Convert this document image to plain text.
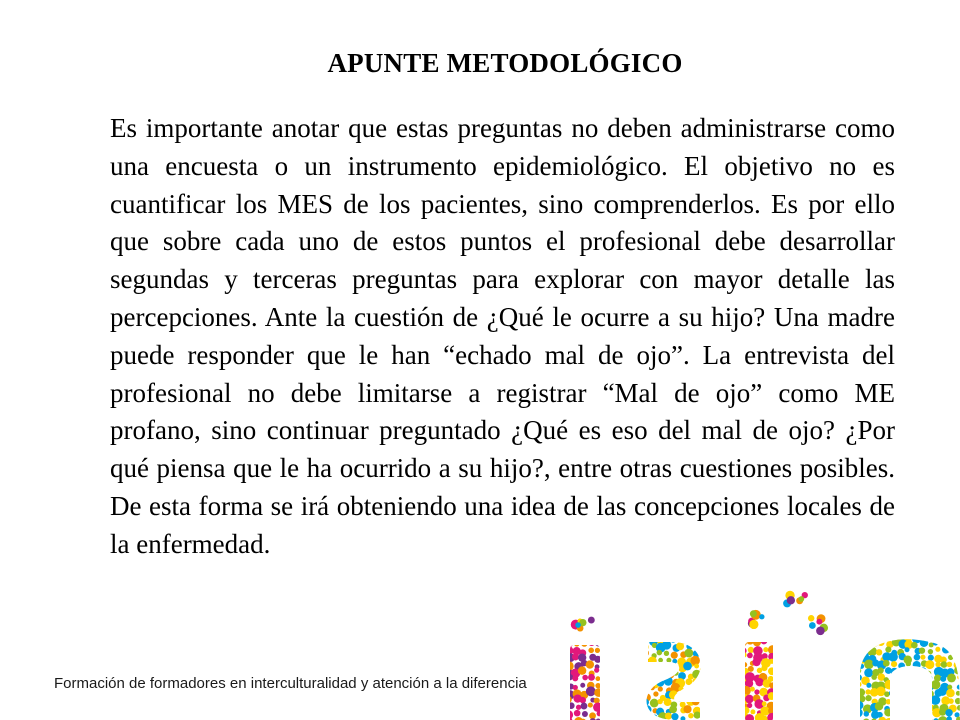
APUNTE METODOLÓGICO

Es importante anotar que estas preguntas no deben administrarse como una encuesta o un instrumento epidemiológico. El objetivo no es cuantificar los MES de los pacientes, sino comprenderlos. Es por ello que sobre cada uno de estos puntos el profesional debe desarrollar segundas y terceras preguntas para explorar con mayor detalle las percepciones. Ante la cuestión de ¿Qué le ocurre a su hijo? Una madre puede responder que le han “echado mal de ojo”. La entrevista del profesional no debe limitarse a registrar “Mal de ojo” como ME profano, sino continuar preguntado ¿Qué es eso del mal de ojo? ¿Por qué piensa que le ha ocurrido a su hijo?, entre otras cuestiones posibles. De esta forma se irá obteniendo una idea de las concepciones locales de la enfermedad.

Formación de formadores en interculturalidad y atención a la diferencia
